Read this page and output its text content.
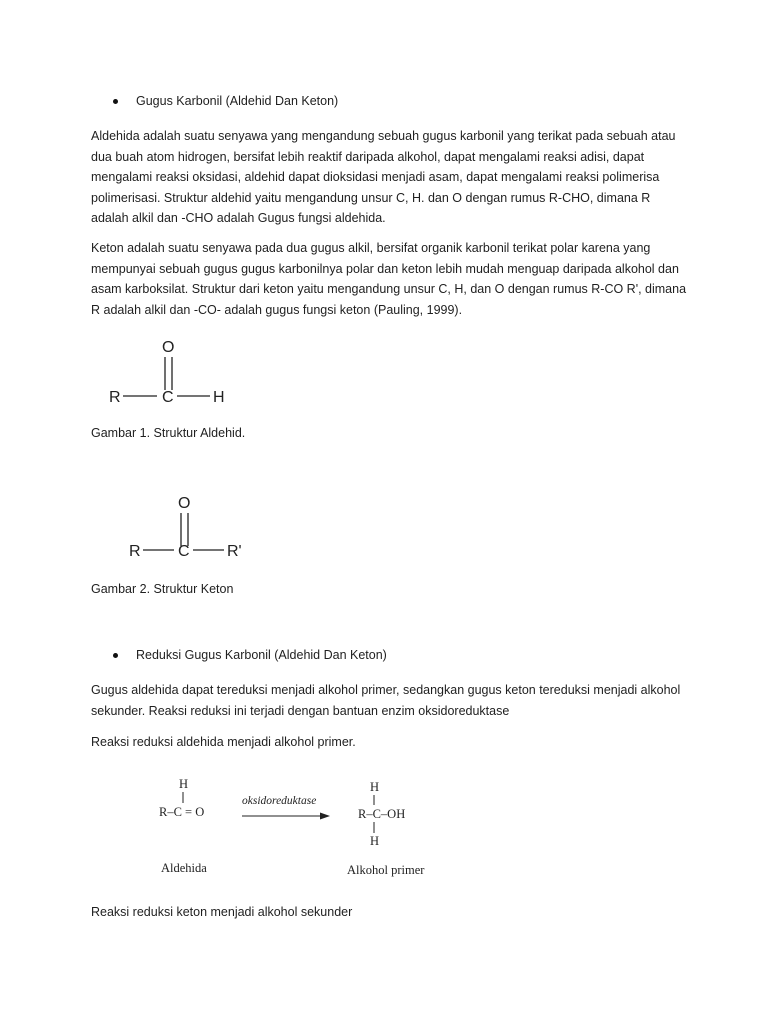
Gugus Karbonil (Aldehid Dan Keton)
Aldehida adalah suatu senyawa yang mengandung sebuah gugus karbonil yang terikat pada sebuah atau dua buah atom hidrogen, bersifat lebih reaktif daripada alkohol, dapat mengalami reaksi adisi, dapat mengalami reaksi oksidasi, aldehid dapat dioksidasi menjadi asam, dapat mengalami reaksi polimerisa polimerisasi. Struktur aldehid yaitu mengandung unsur C, H. dan O dengan rumus R-CHO, dimana R adalah alkil dan -CHO adalah Gugus fungsi aldehida.
Keton adalah suatu senyawa pada dua gugus alkil, bersifat organik karbonil terikat polar karena yang mempunyai sebuah gugus gugus karbonilnya polar dan keton lebih mudah menguap daripada alkohol dan asam karboksilat. Struktur dari keton yaitu mengandung unsur C, H, dan O dengan rumus R-CO R', dimana R adalah alkil dan -CO- adalah gugus fungsi keton (Pauling, 1999).
O
R	C H
Gambar 1. Struktur Aldehid.
O
R C R'
Gambar 2. Struktur Keton
Reduksi Gugus Karbonil (Aldehid Dan Keton)
Gugus aldehida dapat tereduksi menjadi alkohol primer, sedangkan gugus keton tereduksi menjadi alkohol sekunder. Reaksi reduksi ini terjadi dengan bantuan enzim oksidoreduktase
Reaksi reduksi aldehida menjadi alkohol primer.
H
R–C = O
oksidoreduktase
H
R–C–OH
H
Aldehida	Alkohol primer
Reaksi reduksi keton menjadi alkohol sekunder
